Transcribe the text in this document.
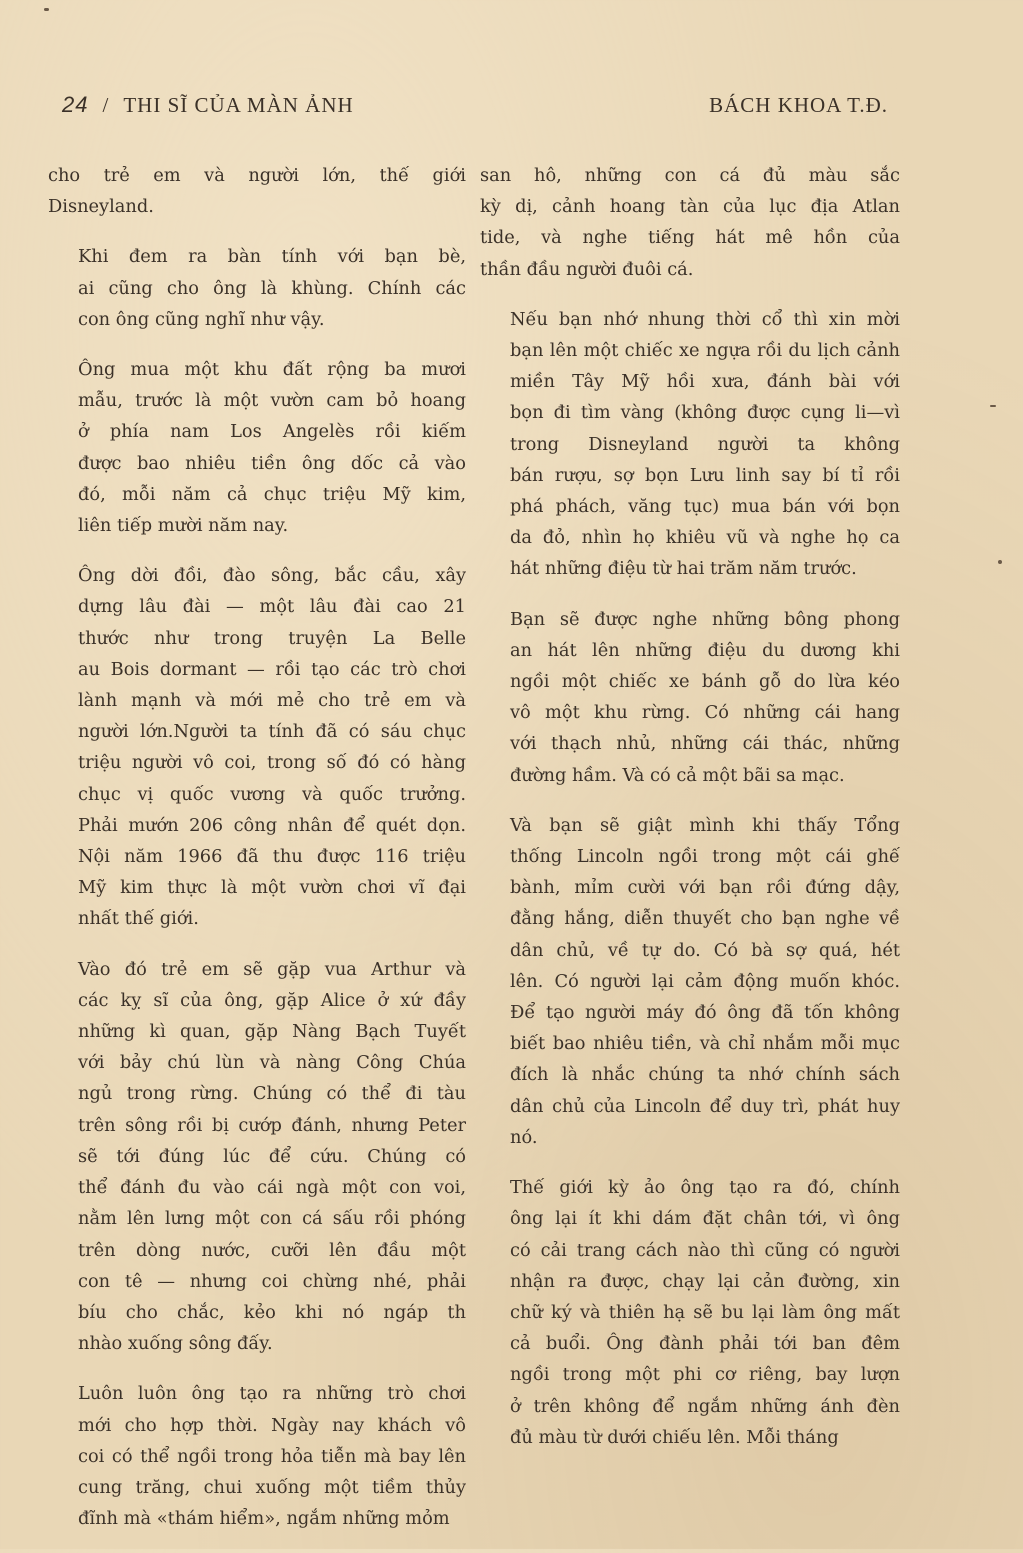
24 / THI SĨ CỦA MÀN ẢNH	BÁCH KHOA T.Đ.

cho trẻ em và người lớn, thế giới
Disneyland.

Khi đem ra bàn tính với bạn bè,
ai cũng cho ông là khùng. Chính các
con ông cũng nghĩ như vậy.

Ông mua một khu đất rộng ba mươi
mẫu, trước là một vườn cam bỏ hoang
ở phía nam Los Angelès rồi kiếm
được bao nhiêu tiền ông dốc cả vào
đó, mỗi năm cả chục triệu Mỹ kim,
liên tiếp mười năm nay.

Ông dời đồi, đào sông, bắc cầu, xây
dựng lâu đài — một lâu đài cao 21
thước như trong truyện La Belle
au Bois dormant — rồi tạo các trò chơi
lành mạnh và mới mẻ cho trẻ em và
người lớn.Người ta tính đã có sáu chục
triệu người vô coi, trong số đó có hàng
chục vị quốc vương và quốc trưởng.
Phải mướn 206 công nhân để quét dọn.
Nội năm 1966 đã thu được 116 triệu
Mỹ kim thực là một vườn chơi vĩ đại
nhất thế giới.

Vào đó trẻ em sẽ gặp vua Arthur và
các kỵ sĩ của ông, gặp Alice ở xứ đầy
những kì quan, gặp Nàng Bạch Tuyết
với bảy chú lùn và nàng Công Chúa
ngủ trong rừng. Chúng có thể đi tàu
trên sông rồi bị cướp đánh, nhưng Peter
sẽ tới đúng lúc để cứu. Chúng có
thể đánh đu vào cái ngà một con voi,
nằm lên lưng một con cá sấu rồi phóng
trên dòng nước, cưỡi lên đầu một
con tê — nhưng coi chừng nhé, phải
bíu cho chắc, kẻo khi nó ngáp th
nhào xuống sông đấy.

Luôn luôn ông tạo ra những trò chơi
mới cho hợp thời. Ngày nay khách vô
coi có thể ngồi trong hỏa tiễn mà bay lên
cung trăng, chui xuống một tiềm thủy
đĩnh mà «thám hiểm», ngắm những mỏm

san hô, những con cá đủ màu sắc
kỳ dị, cảnh hoang tàn của lục địa Atlan
tide, và nghe tiếng hát mê hồn của
thần đầu người đuôi cá.

Nếu bạn nhớ nhung thời cổ thì xin mời
bạn lên một chiếc xe ngựa rồi du lịch cảnh
miền Tây Mỹ hồi xưa, đánh bài với
bọn đi tìm vàng (không được cụng li—vì
trong Disneyland người ta không
bán rượu, sợ bọn Lưu linh say bí tỉ rồi
phá phách, văng tục) mua bán với bọn
da đỏ, nhìn họ khiêu vũ và nghe họ ca
hát những điệu từ hai trăm năm trước.

Bạn sẽ được nghe những bông phong
an hát lên những điệu du dương khi
ngồi một chiếc xe bánh gỗ do lừa kéo
vô một khu rừng. Có những cái hang
với thạch nhủ, những cái thác, những
đường hầm. Và có cả một bãi sa mạc.

Và bạn sẽ giật mình khi thấy Tổng
thống Lincoln ngồi trong một cái ghế
bành, mỉm cười với bạn rồi đứng dậy,
đằng hắng, diễn thuyết cho bạn nghe về
dân chủ, về tự do. Có bà sợ quá, hét
lên. Có người lại cảm động muốn khóc.
Để tạo người máy đó ông đã tốn không
biết bao nhiêu tiền, và chỉ nhắm mỗi mục
đích là nhắc chúng ta nhớ chính sách
dân chủ của Lincoln để duy trì, phát huy
nó.

Thế giới kỳ ảo ông tạo ra đó, chính
ông lại ít khi dám đặt chân tới, vì ông
có cải trang cách nào thì cũng có người
nhận ra được, chạy lại cản đường, xin
chữ ký và thiên hạ sẽ bu lại làm ông mất
cả buổi. Ông đành phải tới ban đêm
ngồi trong một phi cơ riêng, bay lượn
ở trên không để ngắm những ánh đèn
đủ màu từ dưới chiếu lên. Mỗi tháng
